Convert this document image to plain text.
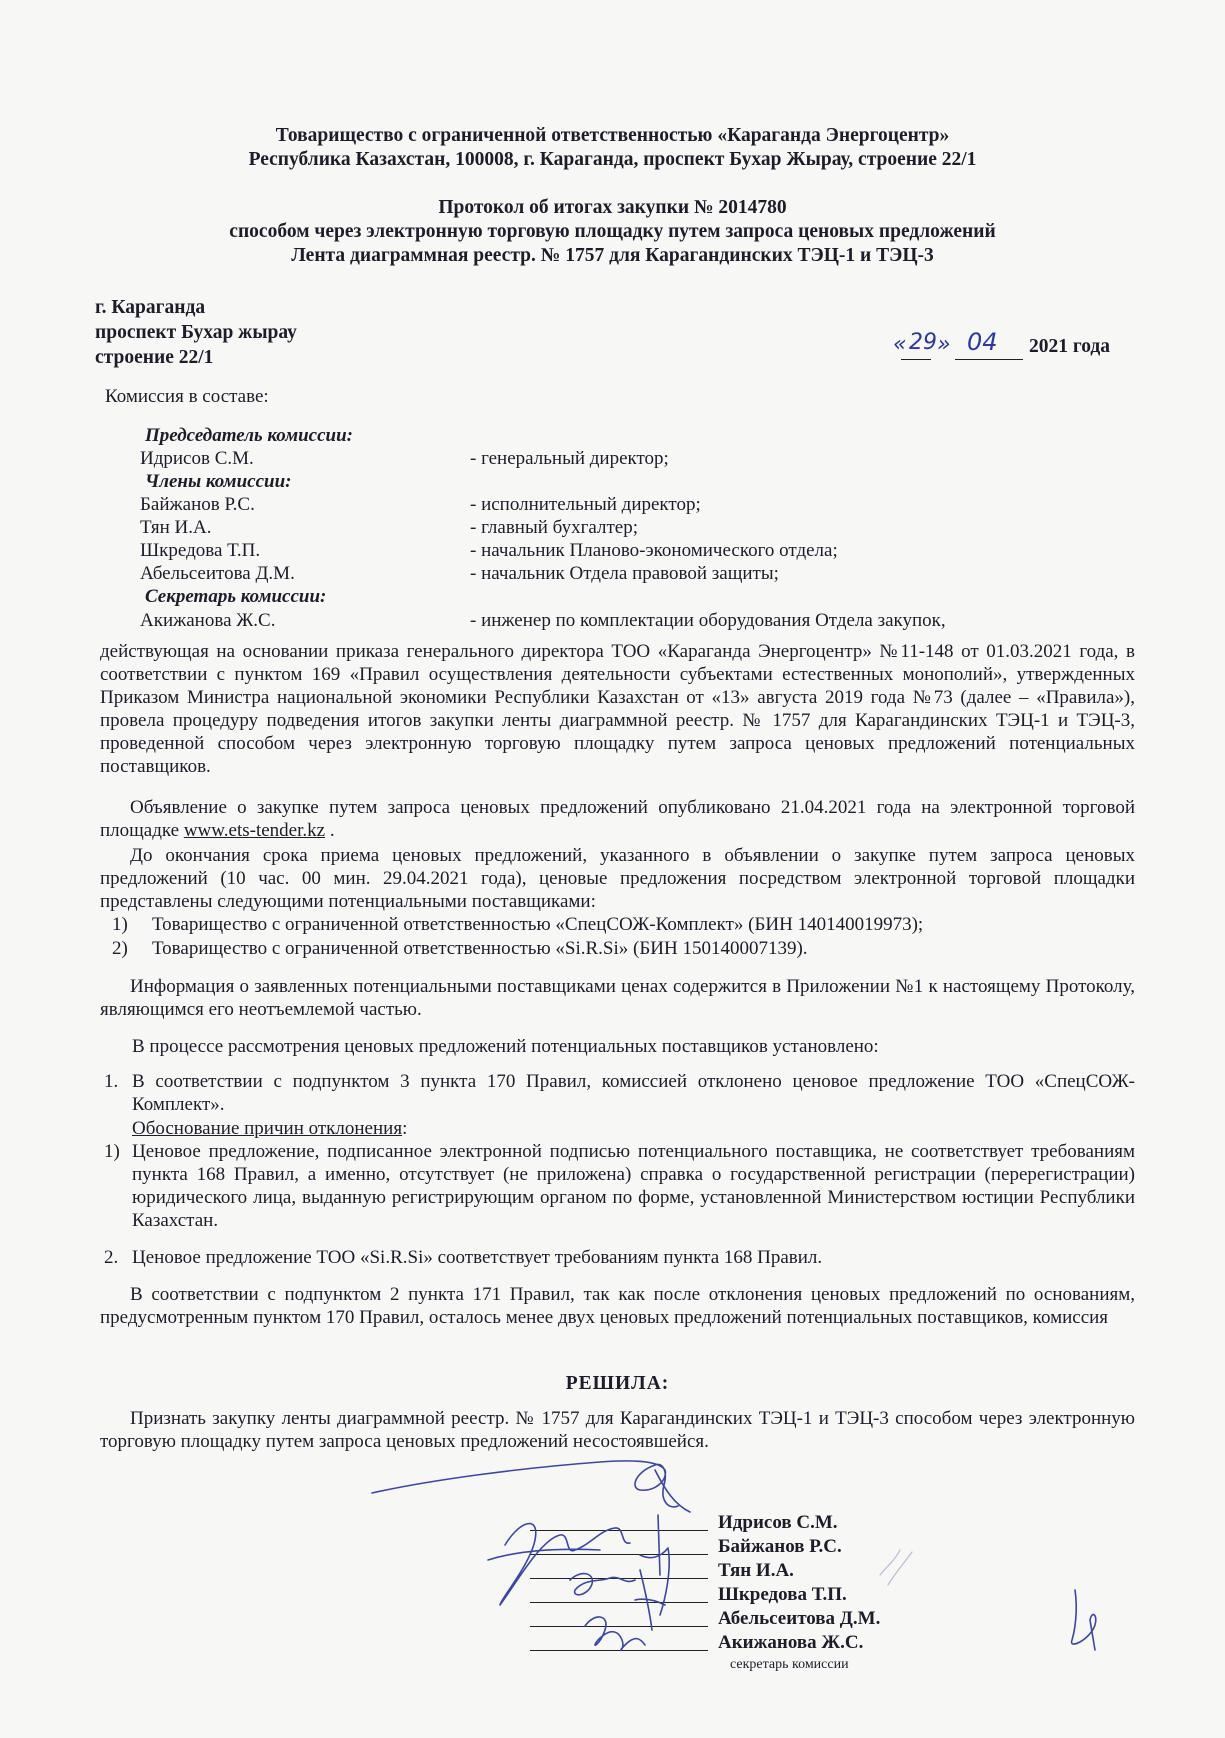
Товарищество с ограниченной ответственностью «Караганда Энергоцентр»
Республика Казахстан, 100008, г. Караганда, проспект Бухар Жырау, строение 22/1
Протокол об итогах закупки № 2014780
способом через электронную торговую площадку путем запроса ценовых предложений
Лента диаграммная реестр. № 1757 для Карагандинских ТЭЦ-1 и ТЭЦ-3
г. Караганда
проспект Бухар жырау
строение 22/1
« 29 » 04 2021 года
Комиссия в составе:
Председатель комиссии:
Идрисов С.М.	- генеральный директор;
Члены комиссии:
Байжанов Р.С.	- исполнительный директор;
Тян И.А.	- главный бухгалтер;
Шкредова Т.П.	- начальник Планово-экономического отдела;
Абельсеитова Д.М.	- начальник Отдела правовой защиты;
Секретарь комиссии:
Акижанова Ж.С.	- инженер по комплектации оборудования Отдела закупок,
действующая на основании приказа генерального директора ТОО «Караганда Энергоцентр» №11-148 от 01.03.2021 года, в соответствии с пунктом 169 «Правил осуществления деятельности субъектами естественных монополий», утвержденных Приказом Министра национальной экономики Республики Казахстан от «13» августа 2019 года №73 (далее – «Правила»), провела процедуру подведения итогов закупки ленты диаграммной реестр. № 1757 для Карагандинских ТЭЦ-1 и ТЭЦ-3, проведенной способом через электронную торговую площадку путем запроса ценовых предложений потенциальных поставщиков.
Объявление о закупке путем запроса ценовых предложений опубликовано 21.04.2021 года на электронной торговой площадке www.ets-tender.kz .
До окончания срока приема ценовых предложений, указанного в объявлении о закупке путем запроса ценовых предложений (10 час. 00 мин. 29.04.2021 года), ценовые предложения посредством электронной торговой площадки представлены следующими потенциальными поставщиками:
1) Товарищество с ограниченной ответственностью «СпецСОЖ-Комплект» (БИН 140140019973);
2) Товарищество с ограниченной ответственностью «Si.R.Si» (БИН 150140007139).
Информация о заявленных потенциальными поставщиками ценах содержится в Приложении №1 к настоящему Протоколу, являющимся его неотъемлемой частью.
В процессе рассмотрения ценовых предложений потенциальных поставщиков установлено:
1. В соответствии с подпунктом 3 пункта 170 Правил, комиссией отклонено ценовое предложение ТОО «СпецСОЖ-Комплект».
Обоснование причин отклонения:
1) Ценовое предложение, подписанное электронной подписью потенциального поставщика, не соответствует требованиям пункта 168 Правил, а именно, отсутствует (не приложена) справка о государственной регистрации (перерегистрации) юридического лица, выданную регистрирующим органом по форме, установленной Министерством юстиции Республики Казахстан.
2. Ценовое предложение ТОО «Si.R.Si» соответствует требованиям пункта 168 Правил.
В соответствии с подпунктом 2 пункта 171 Правил, так как после отклонения ценовых предложений по основаниям, предусмотренным пунктом 170 Правил, осталось менее двух ценовых предложений потенциальных поставщиков, комиссия
РЕШИЛА:
Признать закупку ленты диаграммной реестр. № 1757 для Карагандинских ТЭЦ-1 и ТЭЦ-3 способом через электронную торговую площадку путем запроса ценовых предложений несостоявшейся.
Идрисов С.М.
Байжанов Р.С.
Тян И.А.
Шкредова Т.П.
Абельсеитова Д.М.
Акижанова Ж.С.
секретарь комиссии
